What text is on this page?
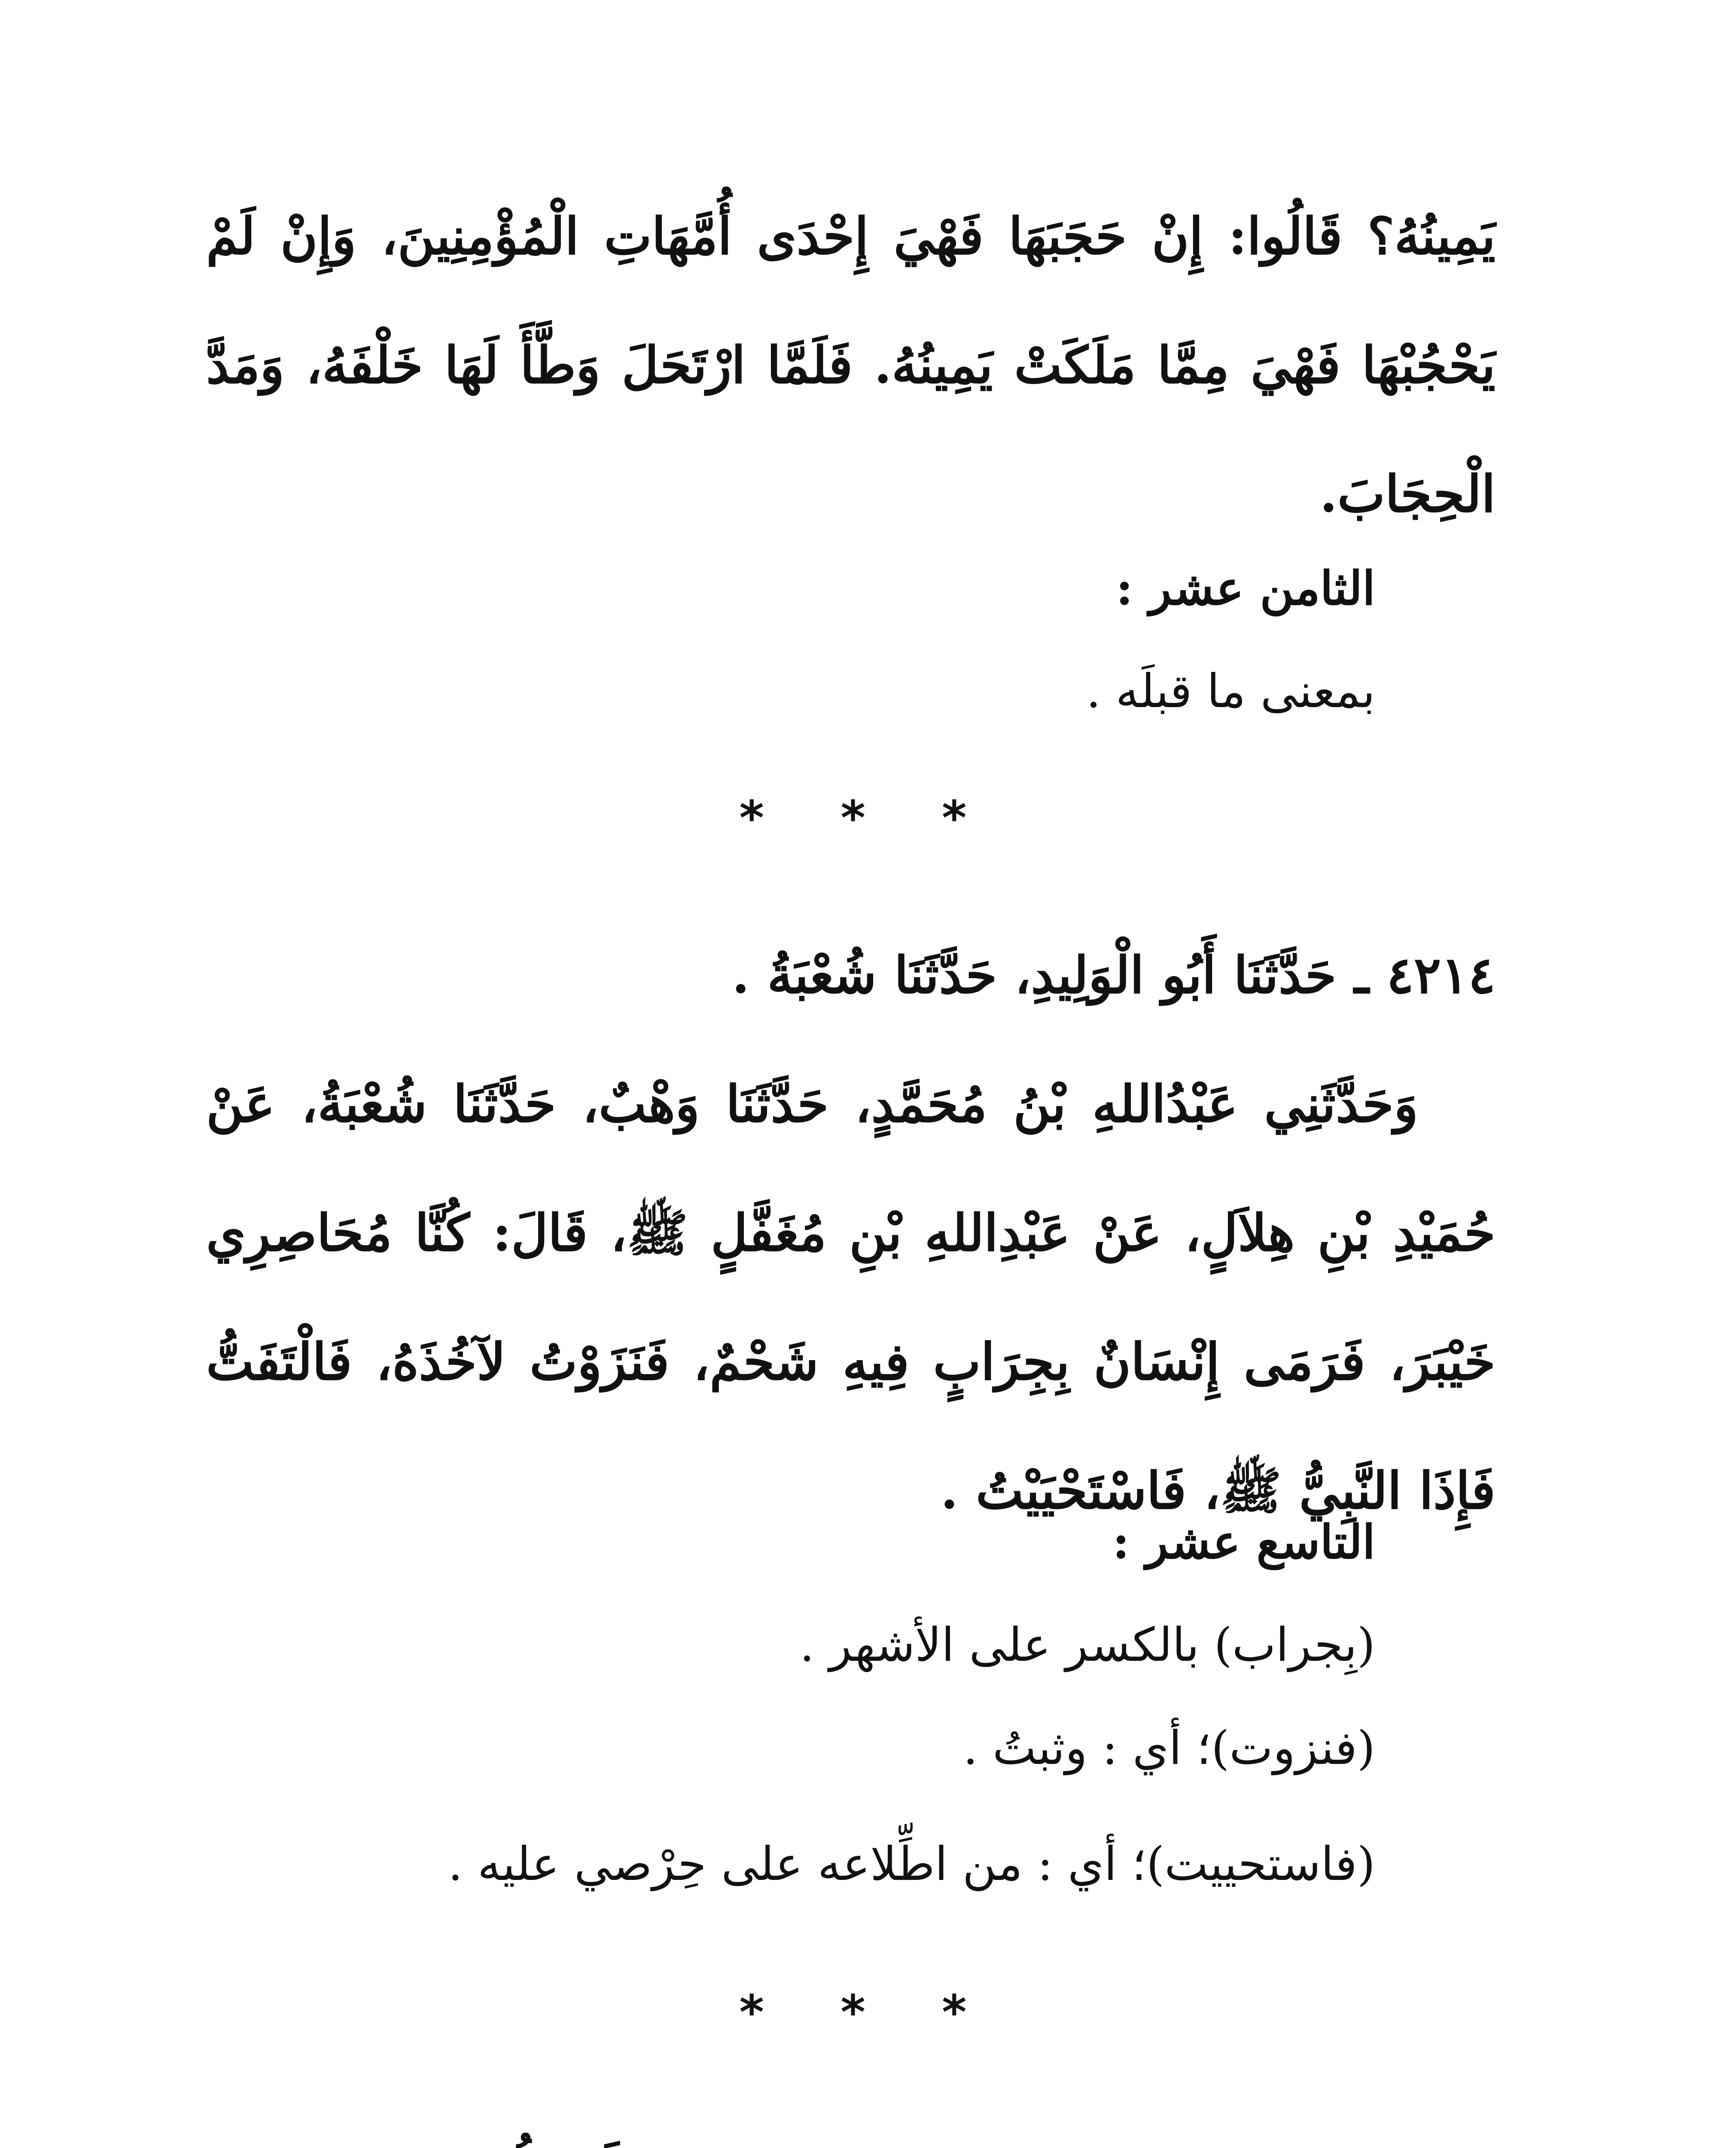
يَمِينُهُ؟ قَالُوا: إِنْ حَجَبَهَا فَهْيَ إِحْدَى أُمَّهَاتِ الْمُؤْمِنِينَ، وَإِنْ لَمْ يَحْجُبْهَا فَهْيَ مِمَّا مَلَكَتْ يَمِينُهُ. فَلَمَّا ارْتَحَلَ وَطَّأَ لَهَا خَلْفَهُ، وَمَدَّ الْحِجَابَ.
الثامن عشر :
بمعنى ما قبلَه .
* * *
٤٢١٤ ـ حَدَّثَنَا أَبُو الْوَلِيدِ، حَدَّثَنَا شُعْبَةُ .
وَحَدَّثَنِي عَبْدُاللهِ بْنُ مُحَمَّدٍ، حَدَّثَنَا وَهْبٌ، حَدَّثَنَا شُعْبَةُ، عَنْ حُمَيْدِ بْنِ هِلاَلٍ، عَنْ عَبْدِاللهِ بْنِ مُغَفَّلٍ ﷺ، قَالَ: كُنَّا مُحَاصِرِي خَيْبَرَ، فَرَمَى إِنْسَانٌ بِجِرَابٍ فِيهِ شَحْمٌ، فَنَزَوْتُ لآخُذَهُ، فَالْتَفَتُّ فَإِذَا النَّبِيُّ ﷺ، فَاسْتَحْيَيْتُ .
التاسع عشر :
(بِجراب) بالكسر على الأشهر .
(فنزوت)؛ أي : وثبتُ .
(فاستحييت)؛ أي : من اطِّلاعه على حِرْصي عليه .
* * *
